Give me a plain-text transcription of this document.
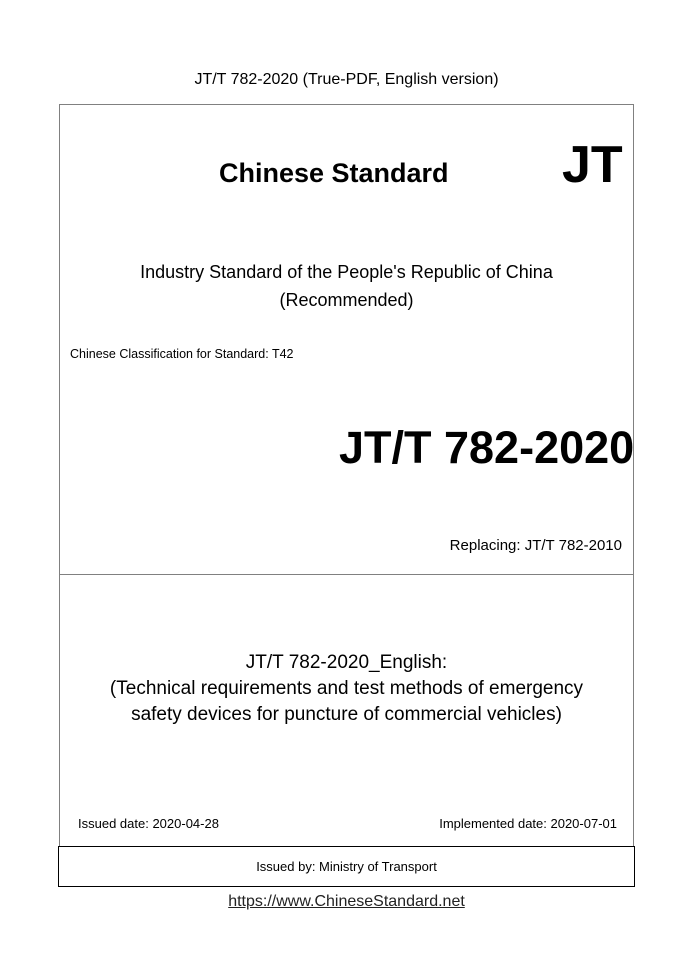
JT/T 782-2020 (True-PDF, English version)
Chinese Standard JT
Industry Standard of the People's Republic of China
(Recommended)
Chinese Classification for Standard: T42
JT/T 782-2020
Replacing: JT/T 782-2010
JT/T 782-2020_English:
(Technical requirements and test methods of emergency
safety devices for puncture of commercial vehicles)
Issued date: 2020-04-28	Implemented date: 2020-07-01
Issued by: Ministry of Transport
https://www.ChineseStandard.net
